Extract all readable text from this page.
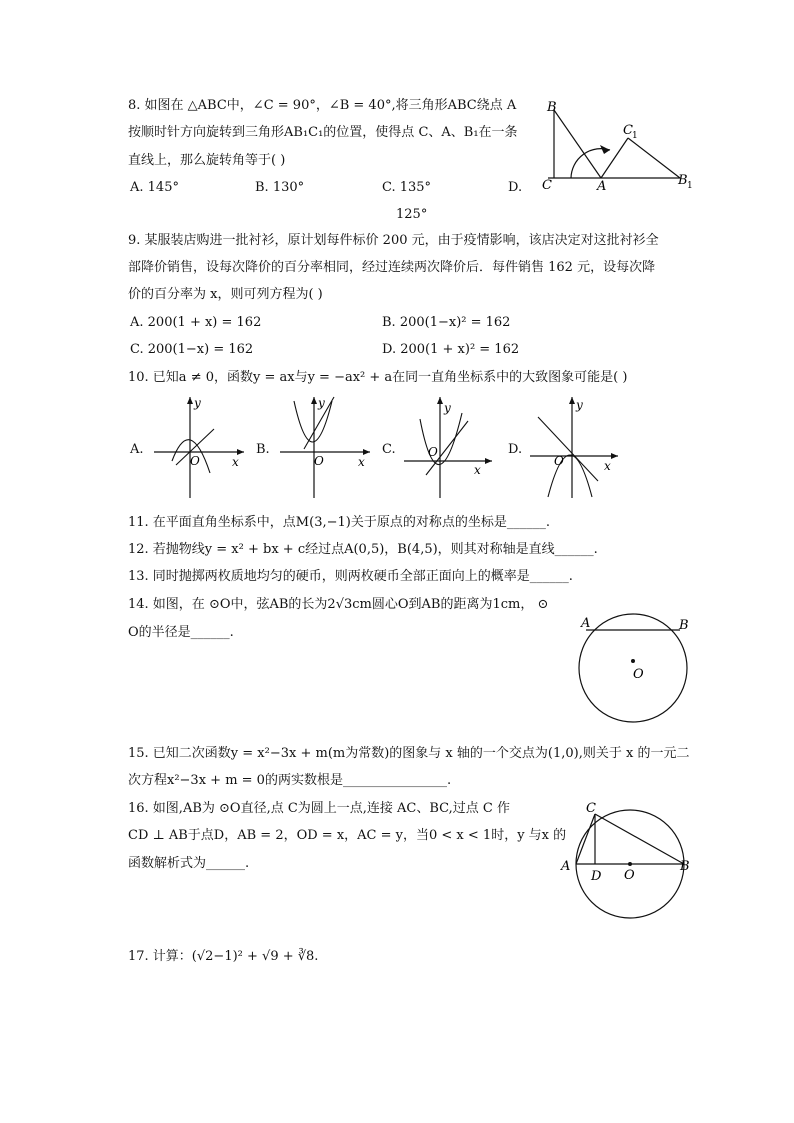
8. 如图在 △ABC中，∠C = 90°，∠B = 40°,将三角形ABC绕点 A
按顺时针方向旋转到三角形AB₁C₁的位置，使得点 C、A、B₁在一条
直线上，那么旋转角等于( )
A. 145°	B. 130°	C. 135°	D.
125°
B
C	A
C 1
B 1
9. 某服装店购进一批衬衫，原计划每件标价 200 元，由于疫情影响，该店决定对这批衬衫全
部降价销售，设每次降价的百分率相同，经过连续两次降价后．每件销售 162 元，设每次降
价的百分率为 x，则可列方程为( )
A. 200(1 + x) = 162	B. 200(1−x)² = 162
C. 200(1−x) = 162	D. 200(1 + x)² = 162
10. 已知a ≠ 0，函数y = ax与y = −ax² + a在同一直角坐标系中的大致图象可能是( )
A.
y
x
O
B.
y
x
O
C.
y
x
O	D.
y
x
O
11. 在平面直角坐标系中，点M(3,−1)关于原点的对称点的坐标是______.
12. 若抛物线y = x² + bx + c经过点A(0,5)，B(4,5)，则其对称轴是直线______.
13. 同时抛掷两枚质地均匀的硬币，则两枚硬币全部正面向上的概率是______.
14. 如图，在 ⊙O中，弦AB的长为2√3cm圆心O到AB的距离为1cm， ⊙
O的半径是______.
A	B
O
15. 已知二次函数y = x²−3x + m(m为常数)的图象与 x 轴的一个交点为(1,0),则关于 x 的一元二
次方程x²−3x + m = 0的两实数根是________________.
16. 如图,AB为 ⊙O直径,点 C为圆上一点,连接 AC、BC,过点 C 作
CD ⊥ AB于点D，AB = 2，OD = x，AC = y，当0 < x < 1时，y 与x 的
函数解析式为______.
C
A	B
D O
17. 计算：(√2−1)² + √9 + ∛8.
